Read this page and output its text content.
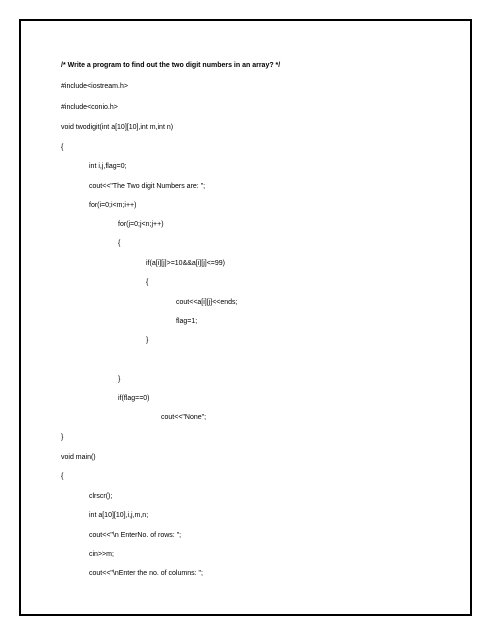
/* Write a program to find out the two digit numbers in an array? */
#include<iostream.h>
#include<conio.h>
void twodigit(int a[10][10],int m,int n)
{
int i,j,flag=0;
cout<<"The Two digit Numbers are: ";
for(i=0;i<m;i++)
for(j=0;j<n;j++)
{
if(a[i][j]>=10&&a[i][j]<=99)
{
cout<<a[i][j]<<ends;
flag=1;
}
}
if(flag==0)
cout<<"None";
}
void main()
{
clrscr();
int a[10][10],i,j,m,n;
cout<<"\n EnterNo. of rows: ";
cin>>m;
cout<<"\nEnter the no. of columns: ";
